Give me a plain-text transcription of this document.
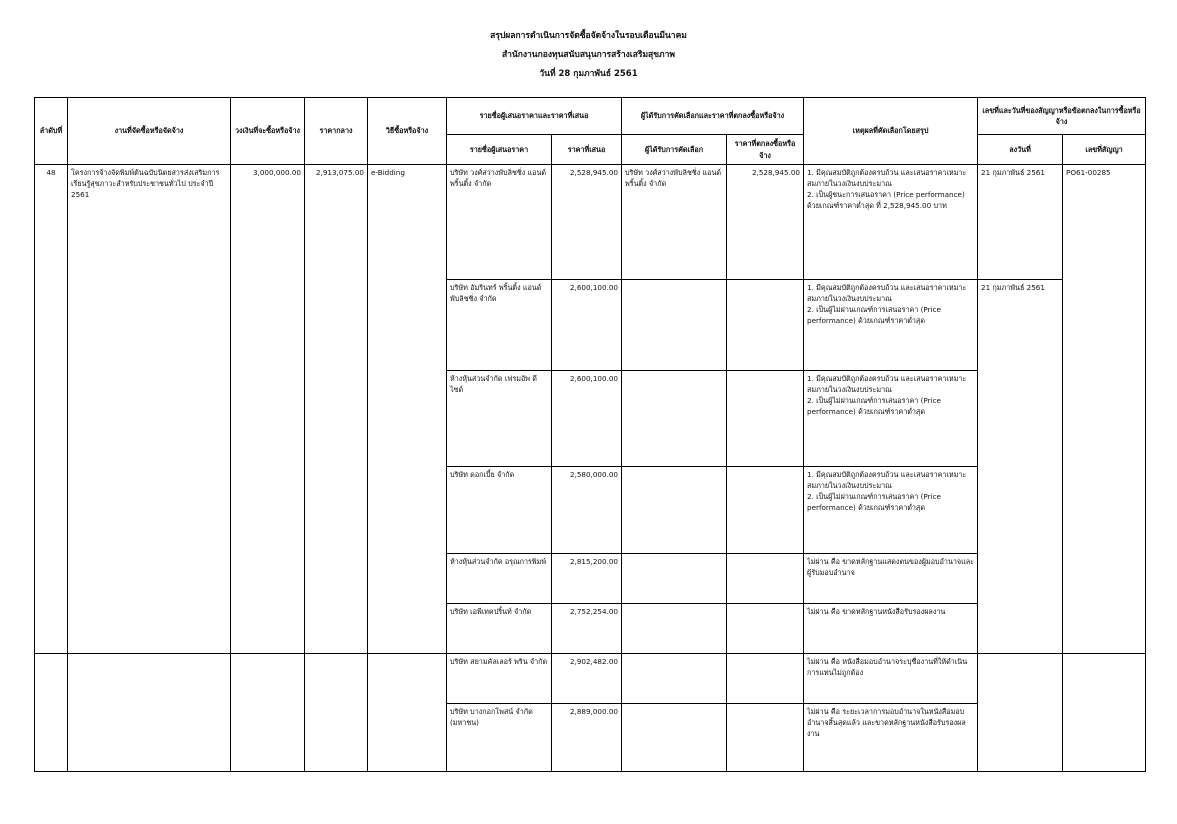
สรุปผลการดำเนินการจัดซื้อจัดจ้างในรอบเดือนมีนาคม
สำนักงานกองทุนสนับสนุนการสร้างเสริมสุขภาพ
วันที่ 28 กุมภาพันธ์ 2561
ลำดับที่	งานที่จัดซื้อหรือจัดจ้าง	วงเงินที่จะซื้อหรือจ้าง	ราคากลาง	วิธีซื้อหรือจ้าง	รายชื่อผู้เสนอราคาและราคาที่เสนอ		ผู้ได้รับการคัดเลือกและราคาที่ตกลงซื้อหรือจ้าง		เหตุผลที่คัดเลือกโดยสรุป	เลขที่และวันที่ของสัญญาหรือข้อตกลงในการซื้อหรือจ้าง	
					รายชื่อผู้เสนอราคา	ราคาที่เสนอ	ผู้ได้รับการคัดเลือก	ราคาที่ตกลงซื้อหรือจ้าง		ลงวันที่	เลขที่สัญญา
48	โครงการจ้างจัดพิมพ์ต้นฉบับนิตยสารส่งเสริมการเรียนรู้สุขภาวะสำหรับประชาชนทั่วไป ประจำปี 2561	3,000,000.00	2,913,075.00	e-Bidding	บริษัท วงศ์สว่างพับลิชชิ่ง แอนด์ พริ้นติ้ง จำกัด	2,528,945.00	บริษัท วงศ์สว่างพับลิชชิ่ง แอนด์ พริ้นติ้ง จำกัด	2,528,945.00	1. มีคุณสมบัติถูกต้องครบถ้วน และเสนอราคาเหมาะสมภายในวงเงินงบประมาณ
2. เป็นผู้ชนะการเสนอราคา (Price performance) ด้วยเกณฑ์ราคาต่ำสุด ที่ 2,528,945.00 บาท	21 กุมภาพันธ์ 2561	PO61-00285
					บริษัท อัมรินทร์ พริ้นติ้ง แอนด์ พับลิชชิ่ง จำกัด	2,600,100.00			1. มีคุณสมบัติถูกต้องครบถ้วน และเสนอราคาเหมาะสมภายในวงเงินงบประมาณ
2. เป็นผู้ไม่ผ่านเกณฑ์การเสนอราคา (Price performance) ด้วยเกณฑ์ราคาต่ำสุด	21 กุมภาพันธ์ 2561	
					ห้างหุ้นส่วนจำกัด เฟรมอัพ ดีไซด์	2,600,100.00			1. มีคุณสมบัติถูกต้องครบถ้วน และเสนอราคาเหมาะสมภายในวงเงินงบประมาณ
2. เป็นผู้ไม่ผ่านเกณฑ์การเสนอราคา (Price performance) ด้วยเกณฑ์ราคาต่ำสุด		

					บริษัท ดอกเบี้ย จำกัด	2,580,000.00			1. มีคุณสมบัติถูกต้องครบถ้วน และเสนอราคาเหมาะสมภายในวงเงินงบประมาณ
2. เป็นผู้ไม่ผ่านเกณฑ์การเสนอราคา (Price performance) ด้วยเกณฑ์ราคาต่ำสุด		

					ห้างหุ้นส่วนจำกัด อรุณการพิมพ์	2,815,200.00			ไม่ผ่าน คือ ขาดหลักฐานแสดงตนของผู้มอบอำนาจและผู้รับมอบอำนาจ		
					บริษัท เอพีเทคปริ้นท์ จำกัด	2,752,254.00			ไม่ผ่าน คือ ขาดหลักฐานหนังสือรับรองผลงาน		
					บริษัท สยามคัลเลอร์ พริน จำกัด	2,902,482.00			ไม่ผ่าน คือ หนังสือมอบอำนาจระบุชื่องานที่ให้ดำเนินการแทนไม่ถูกต้อง		
					บริษัท บางกอกโพสน์ จำกัด (มหาชน)	2,889,000.00			ไม่ผ่าน คือ ระยะเวลาการมอบอำนาจในหนังสือมอบอำนาจสิ้นสุดแล้ว และขาดหลักฐานหนังสือรับรองผลงาน		
